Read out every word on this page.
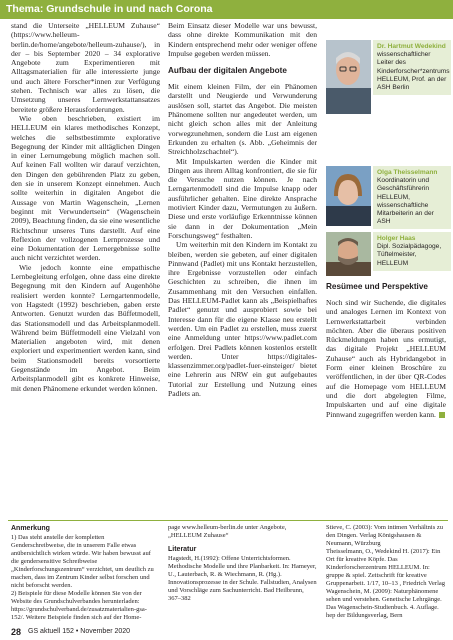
Thema: Grundschule in und nach Corona

stand die Unterseite „HELLEUM Zuhause“ (https://www.helleum-berlin.de/home/angebote/helleum-zuhause/), in der – bis September 2020 – 34 explorative Angebote zum Experimentieren mit Alltagsmaterialien für alle interessierte junge und auch ältere Forscher*innen zur Verfügung stehen. Technisch war alles zu lösen, die Umsetzung unseres Lernwerkstattansatzes bereitete größere Herausforderungen.

Wie oben beschrieben, existiert im HELLEUM ein klares methodisches Konzept, welches die selbstbestimmte explorative Begegnung der Kinder mit alltäglichen Dingen in einer Lernumgebung möglich machen soll. Auf keinen Fall wollten wir darauf verzichten, den Dingen den gebührenden Platz zu geben, den sie in unserem Konzept einnehmen. Auch sollte weiterhin in digitalen Angebot die Aussage von Martin Wagenschein, „Lernen beginnt mit Verwundertsein“ (Wagenschein 2009), Beachtung finden, da sie eine wesentliche Richtschnur unseres Tuns darstellt. Auf eine Reflexion der vollzogenen Lernprozesse und eine Dokumentation der Lernergebnisse sollte auch nicht verzichtet werden.

Wie jedoch konnte eine empathische Lernbegleitung erfolgen, ohne dass eine direkte Begegnung mit den Kindern auf Augenhöhe realisiert werden konnte? Lerngartenmodelle, von Hagstedt (1992) beschrieben, gaben erste Antworten. Genutzt wurden das Büffetmodell, das Stationsmodell und das Arbeitsplanmodell. Während beim Büffetmodell eine Vielzahl von Materialien angeboten wird, mit denen exploriert und experimentiert werden kann, sind beim Stationsmodell bereits vorsortierte Gegenstände im Angebot. Beim Arbeitsplanmodell gibt es konkrete Hinweise, mit denen Phänomene erkundet werden können.

Beim Einsatz dieser Modelle war uns bewusst, dass ohne direkte Kommunikation mit den Kindern entsprechend mehr oder weniger offene Impulse gegeben werden müssen.

Aufbau der digitalen Angebote

Mit einem kleinen Film, der ein Phänomen darstellt und Neugierde und Verwunderung auslösen soll, startet das Angebot. Die meisten Phänomene sollten nur angedeutet werden, um nicht gleich schon alles mit der Anleitung vorwegzunehmen, sondern die Lust am eigenen Erkunden zu erhalten (s. Abb. „Geheimnis der Streichholzschachtel“).

Mit Impulskarten werden die Kinder mit Dingen aus ihrem Alltag konfrontiert, die sie für die Versuche nutzen können. Je nach Lerngartenmodell sind die Impulse knapp oder ausführlicher gehalten. Eine direkte Ansprache motiviert Kinder dazu, Vermutungen zu äußern. Diese und erste vorläufige Erkenntnisse können sie dann in der Dokumentation „Mein Forschungsweg“ festhalten.

Um weiterhin mit den Kindern im Kontakt zu bleiben, werden sie gebeten, auf einer digitalen Pinnwand (Padlet) mit uns Kontakt herzustellen, ihre Ergebnisse vorzustellen oder einfach Geschichten zu schreiben, die ihnen im Zusammenhang mit den Versuchen einfallen. Das HELLEUM-Padlet kann als „Beispielhaftes Padlet“ genutzt und ausprobiert sowie bei Interesse dann für die eigene Klasse neu erstellt werden. Um ein Padlet zu erstellen, muss zuerst eine Anmeldung unter https://www.padlet.com erfolgen. Drei Padlets können kostenlos erstellt werden. Unter https://digitales-klassenzimmer.org/padlet-fuer-einsteiger/ bietet eine Lehrerin aus NRW ein gut aufgebautes Tutorial zur Erstellung und Nutzung eines Padlets an.

Dr. Hartmut Wedekind
wissenschaftlicher Leiter des Kinderforscher*zentrums HELLEUM, Prof. an der ASH Berlin
Olga Theisselmann
Koordinatorin und Geschäftsführerin HELLEUM, wissenschaftliche Mitarbeiterin an der ASH
Holger Haas
Dipl. Sozialpädagoge, Tüftelmeister, HELLEUM

Resümee und Perspektive

Noch sind wir Suchende, die digitales und analoges Lernen im Kontext von Lernwerkstattarbeit verbinden möchten. Aber die überaus positiven Rückmeldungen haben uns ermutigt, das digitale Projekt „HELLEUM Zuhause“ auch als Hybridangebot in Form einer kleinen Broschüre zu veröffentlichen, in der über QR-Codes auf die Homepage vom HELLEUM und die dort abgelegten Filme, Impulskarten und auf eine digitale Pinnwand zugegriffen werden kann.

Anmerkung

1) Das steht anstelle der kompletten Genderschreibweise, die in unserem Falle etwas anübersichtlich wirken würde. Wir haben bewusst auf die gendersensitive Schreibweise „Kinderforschungszentrum“ verzichtet, um deutlich zu machen, dass im Zentrum Kinder selbst forschen und nicht beforscht werden.

2) Beispiele für diese Modelle können Sie von der Website des Grundschulverbandes herunterladen: https://grundschulverband.de/zusatzmaterialien-gsa-152/. Weitere Beispiele finden sich auf der Home-

page www.helleum-berlin.de unter Angebote, „HELLEUM Zuhause“

Literatur

Hagstedt, H.(1992): Offene Unterrichtsformen. Methodische Modelle und ihre Planbarkeit. In: Hameyer, U., Lauterbach, R. & Wiechmann, R. (Hg.). Innovationsprozesse in der Schule. Fallstudien, Analysen und Vorschläge zum Sachunterricht. Bad Heilbrunn, 367–382

Stieve, C. (2003): Vom intimen Verhältnis zu den Dingen. Verlag Königshausen & Neumann, Würzburg

Theisselmann, O., Wedekind H. (2017): Ein Ort für kreative Köpfe. Das Kinderforscherzentrum HELLEUM. In: gruppe & spiel. Zeitschrift für kreative Gruppenarbeit. 1/17, 10–13 , Friedrich Verlag

Wagenschein, M. (2009): Naturphänomene sehen und verstehen. Genetische Lehrgänge. Das Wagenschein-Studienbuch. 4. Auflage. hep der Bildungsverlag, Bern

28 GS aktuell 152 • November 2020
